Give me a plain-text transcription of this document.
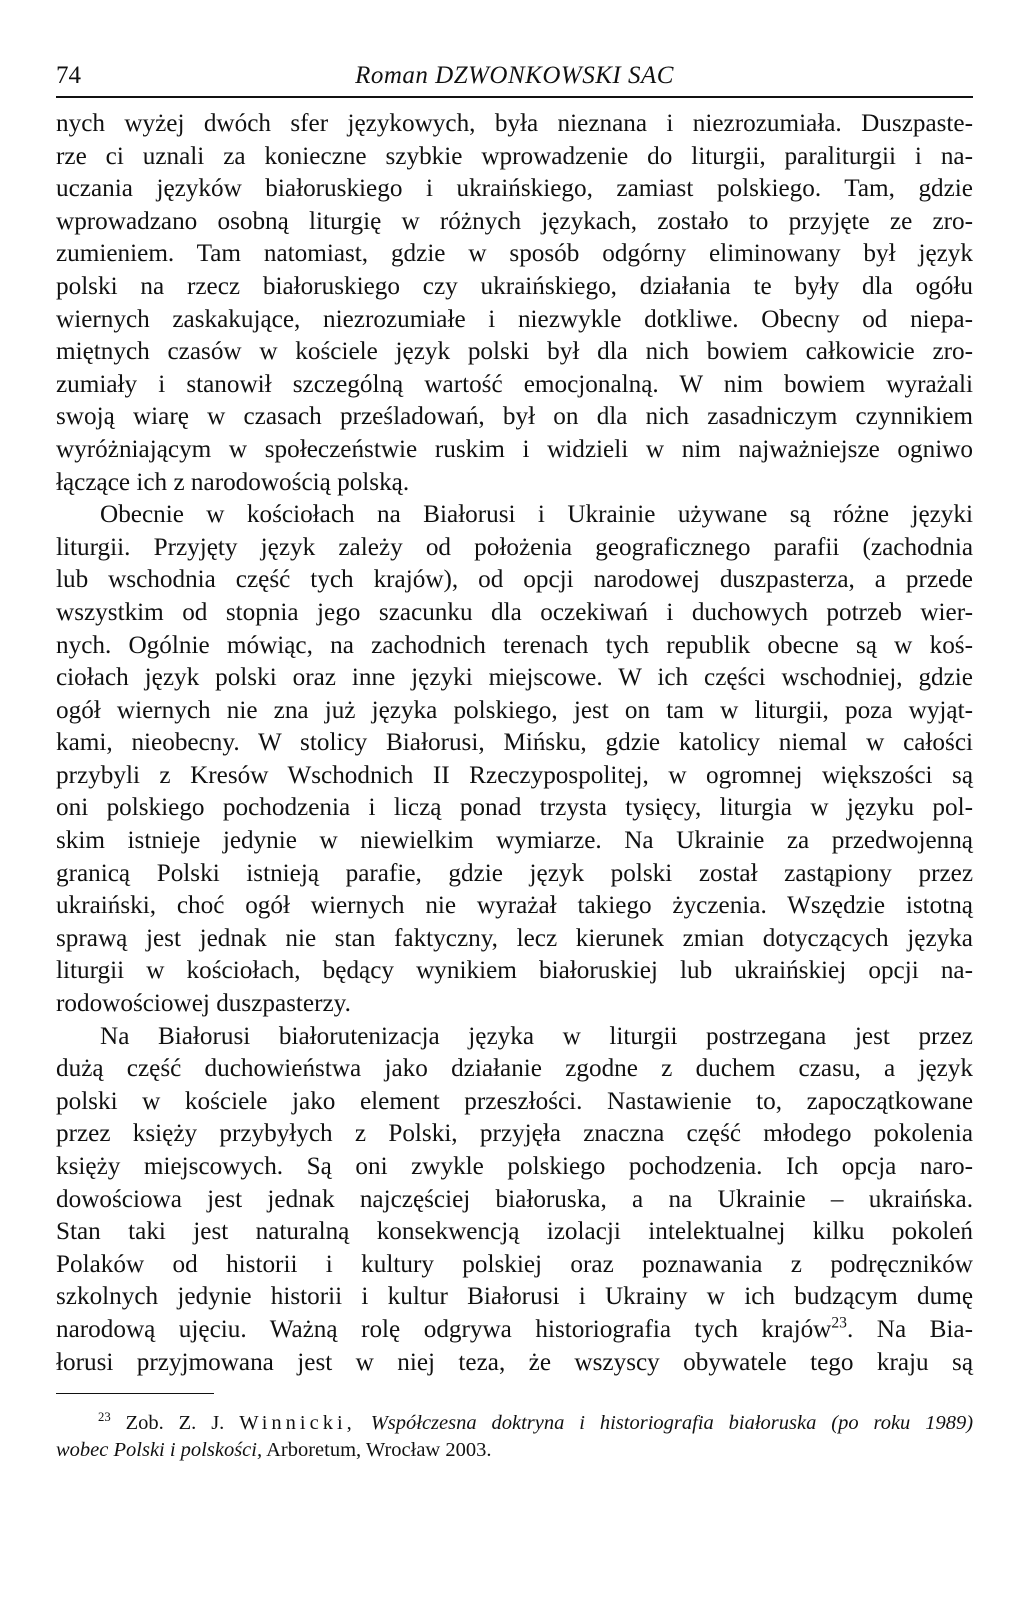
74	Roman DZWONKOWSKI SAC
nych wyżej dwóch sfer językowych, była nieznana i niezrozumiała. Duszpaste-
rze ci uznali za konieczne szybkie wprowadzenie do liturgii, paraliturgii i na-
uczania języków białoruskiego i ukraińskiego, zamiast polskiego. Tam, gdzie
wprowadzano osobną liturgię w różnych językach, zostało to przyjęte ze zro-
zumieniem. Tam natomiast, gdzie w sposób odgórny eliminowany był język
polski na rzecz białoruskiego czy ukraińskiego, działania te były dla ogółu
wiernych zaskakujące, niezrozumiałe i niezwykle dotkliwe. Obecny od niepa-
miętnych czasów w kościele język polski był dla nich bowiem całkowicie zro-
zumiały i stanowił szczególną wartość emocjonalną. W nim bowiem wyrażali
swoją wiarę w czasach prześladowań, był on dla nich zasadniczym czynnikiem
wyróżniającym w społeczeństwie ruskim i widzieli w nim najważniejsze ogniwo
łączące ich z narodowością polską.
Obecnie w kościołach na Białorusi i Ukrainie używane są różne języki
liturgii. Przyjęty język zależy od położenia geograficznego parafii (zachodnia
lub wschodnia część tych krajów), od opcji narodowej duszpasterza, a przede
wszystkim od stopnia jego szacunku dla oczekiwań i duchowych potrzeb wier-
nych. Ogólnie mówiąc, na zachodnich terenach tych republik obecne są w koś-
ciołach język polski oraz inne języki miejscowe. W ich części wschodniej, gdzie
ogół wiernych nie zna już języka polskiego, jest on tam w liturgii, poza wyjąt-
kami, nieobecny. W stolicy Białorusi, Mińsku, gdzie katolicy niemal w całości
przybyli z Kresów Wschodnich II Rzeczypospolitej, w ogromnej większości są
oni polskiego pochodzenia i liczą ponad trzysta tysięcy, liturgia w języku pol-
skim istnieje jedynie w niewielkim wymiarze. Na Ukrainie za przedwojenną
granicą Polski istnieją parafie, gdzie język polski został zastąpiony przez
ukraiński, choć ogół wiernych nie wyrażał takiego życzenia. Wszędzie istotną
sprawą jest jednak nie stan faktyczny, lecz kierunek zmian dotyczących języka
liturgii w kościołach, będący wynikiem białoruskiej lub ukraińskiej opcji na-
rodowościowej duszpasterzy.
Na Białorusi białorutenizacja języka w liturgii postrzegana jest przez
dużą część duchowieństwa jako działanie zgodne z duchem czasu, a język
polski w kościele jako element przeszłości. Nastawienie to, zapoczątkowane
przez księży przybyłych z Polski, przyjęła znaczna część młodego pokolenia
księży miejscowych. Są oni zwykle polskiego pochodzenia. Ich opcja naro-
dowościowa jest jednak najczęściej białoruska, a na Ukrainie – ukraińska.
Stan taki jest naturalną konsekwencją izolacji intelektualnej kilku pokoleń
Polaków od historii i kultury polskiej oraz poznawania z podręczników
szkolnych jedynie historii i kultur Białorusi i Ukrainy w ich budzącym dumę
narodową ujęciu. Ważną rolę odgrywa historiografia tych krajów$^{23}$. Na Bia-
łorusi przyjmowana jest w niej teza, że wszyscy obywatele tego kraju są
$^{23}$ Zob. Z. J. Winnicki, Współczesna doktryna i historiografia białoruska (po roku 1989)
wobec Polski i polskości, Arboretum, Wrocław 2003.
